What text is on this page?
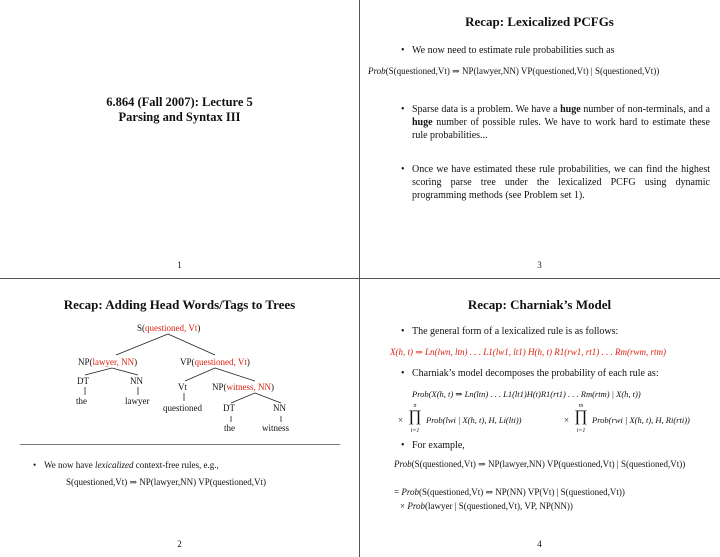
6.864 (Fall 2007): Lecture 5
Parsing and Syntax III
1
Recap: Lexicalized PCFGs
• We now need to estimate rule probabilities such as
Prob(S(questioned,Vt) ⇒ NP(lawyer,NN) VP(questioned,Vt) | S(questioned,Vt))
• Sparse data is a problem. We have a huge number of non-terminals, and a huge number of possible rules. We have to work hard to estimate these rule probabilities...
• Once we have estimated these rule probabilities, we can find the highest scoring parse tree under the lexicalized PCFG using dynamic programming methods (see Problem set 1).
3
Recap: Adding Head Words/Tags to Trees
S(questioned, Vt)
NP(lawyer, NN)	VP(questioned, Vt)
DT	NN
the	lawyer
Vt
questioned
NP(witness, NN)
DT	NN
the	witness
• We now have lexicalized context-free rules, e.g.,
S(questioned,Vt) ⇒ NP(lawyer,NN) VP(questioned,Vt)
2
Recap: Charniak’s Model
• The general form of a lexicalized rule is as follows:
X(h, t) ⇒ Ln(lwn, ltn) . . . L1(lw1, lt1) H(h, t) R1(rw1, rt1) . . . Rm(rwm, rtm)
• Charniak’s model decomposes the probability of each rule as:
Prob(X(h, t) ⇒ Ln(ltn) . . . L1(lt1)H(t)R1(rt1) . . . Rm(rtm) | X(h, t))
×
n
∏
i=1
Prob(lwi | X(h, t), H, Li(lti))	×
m
∏
i=1
Prob(rwi | X(h, t), H, Ri(rti))
• For example,
Prob(S(questioned,Vt) ⇒ NP(lawyer,NN) VP(questioned,Vt) | S(questioned,Vt))
= Prob(S(questioned,Vt) ⇒ NP(NN) VP(Vt) | S(questioned,Vt))
× Prob(lawyer | S(questioned,Vt), VP, NP(NN))
4
